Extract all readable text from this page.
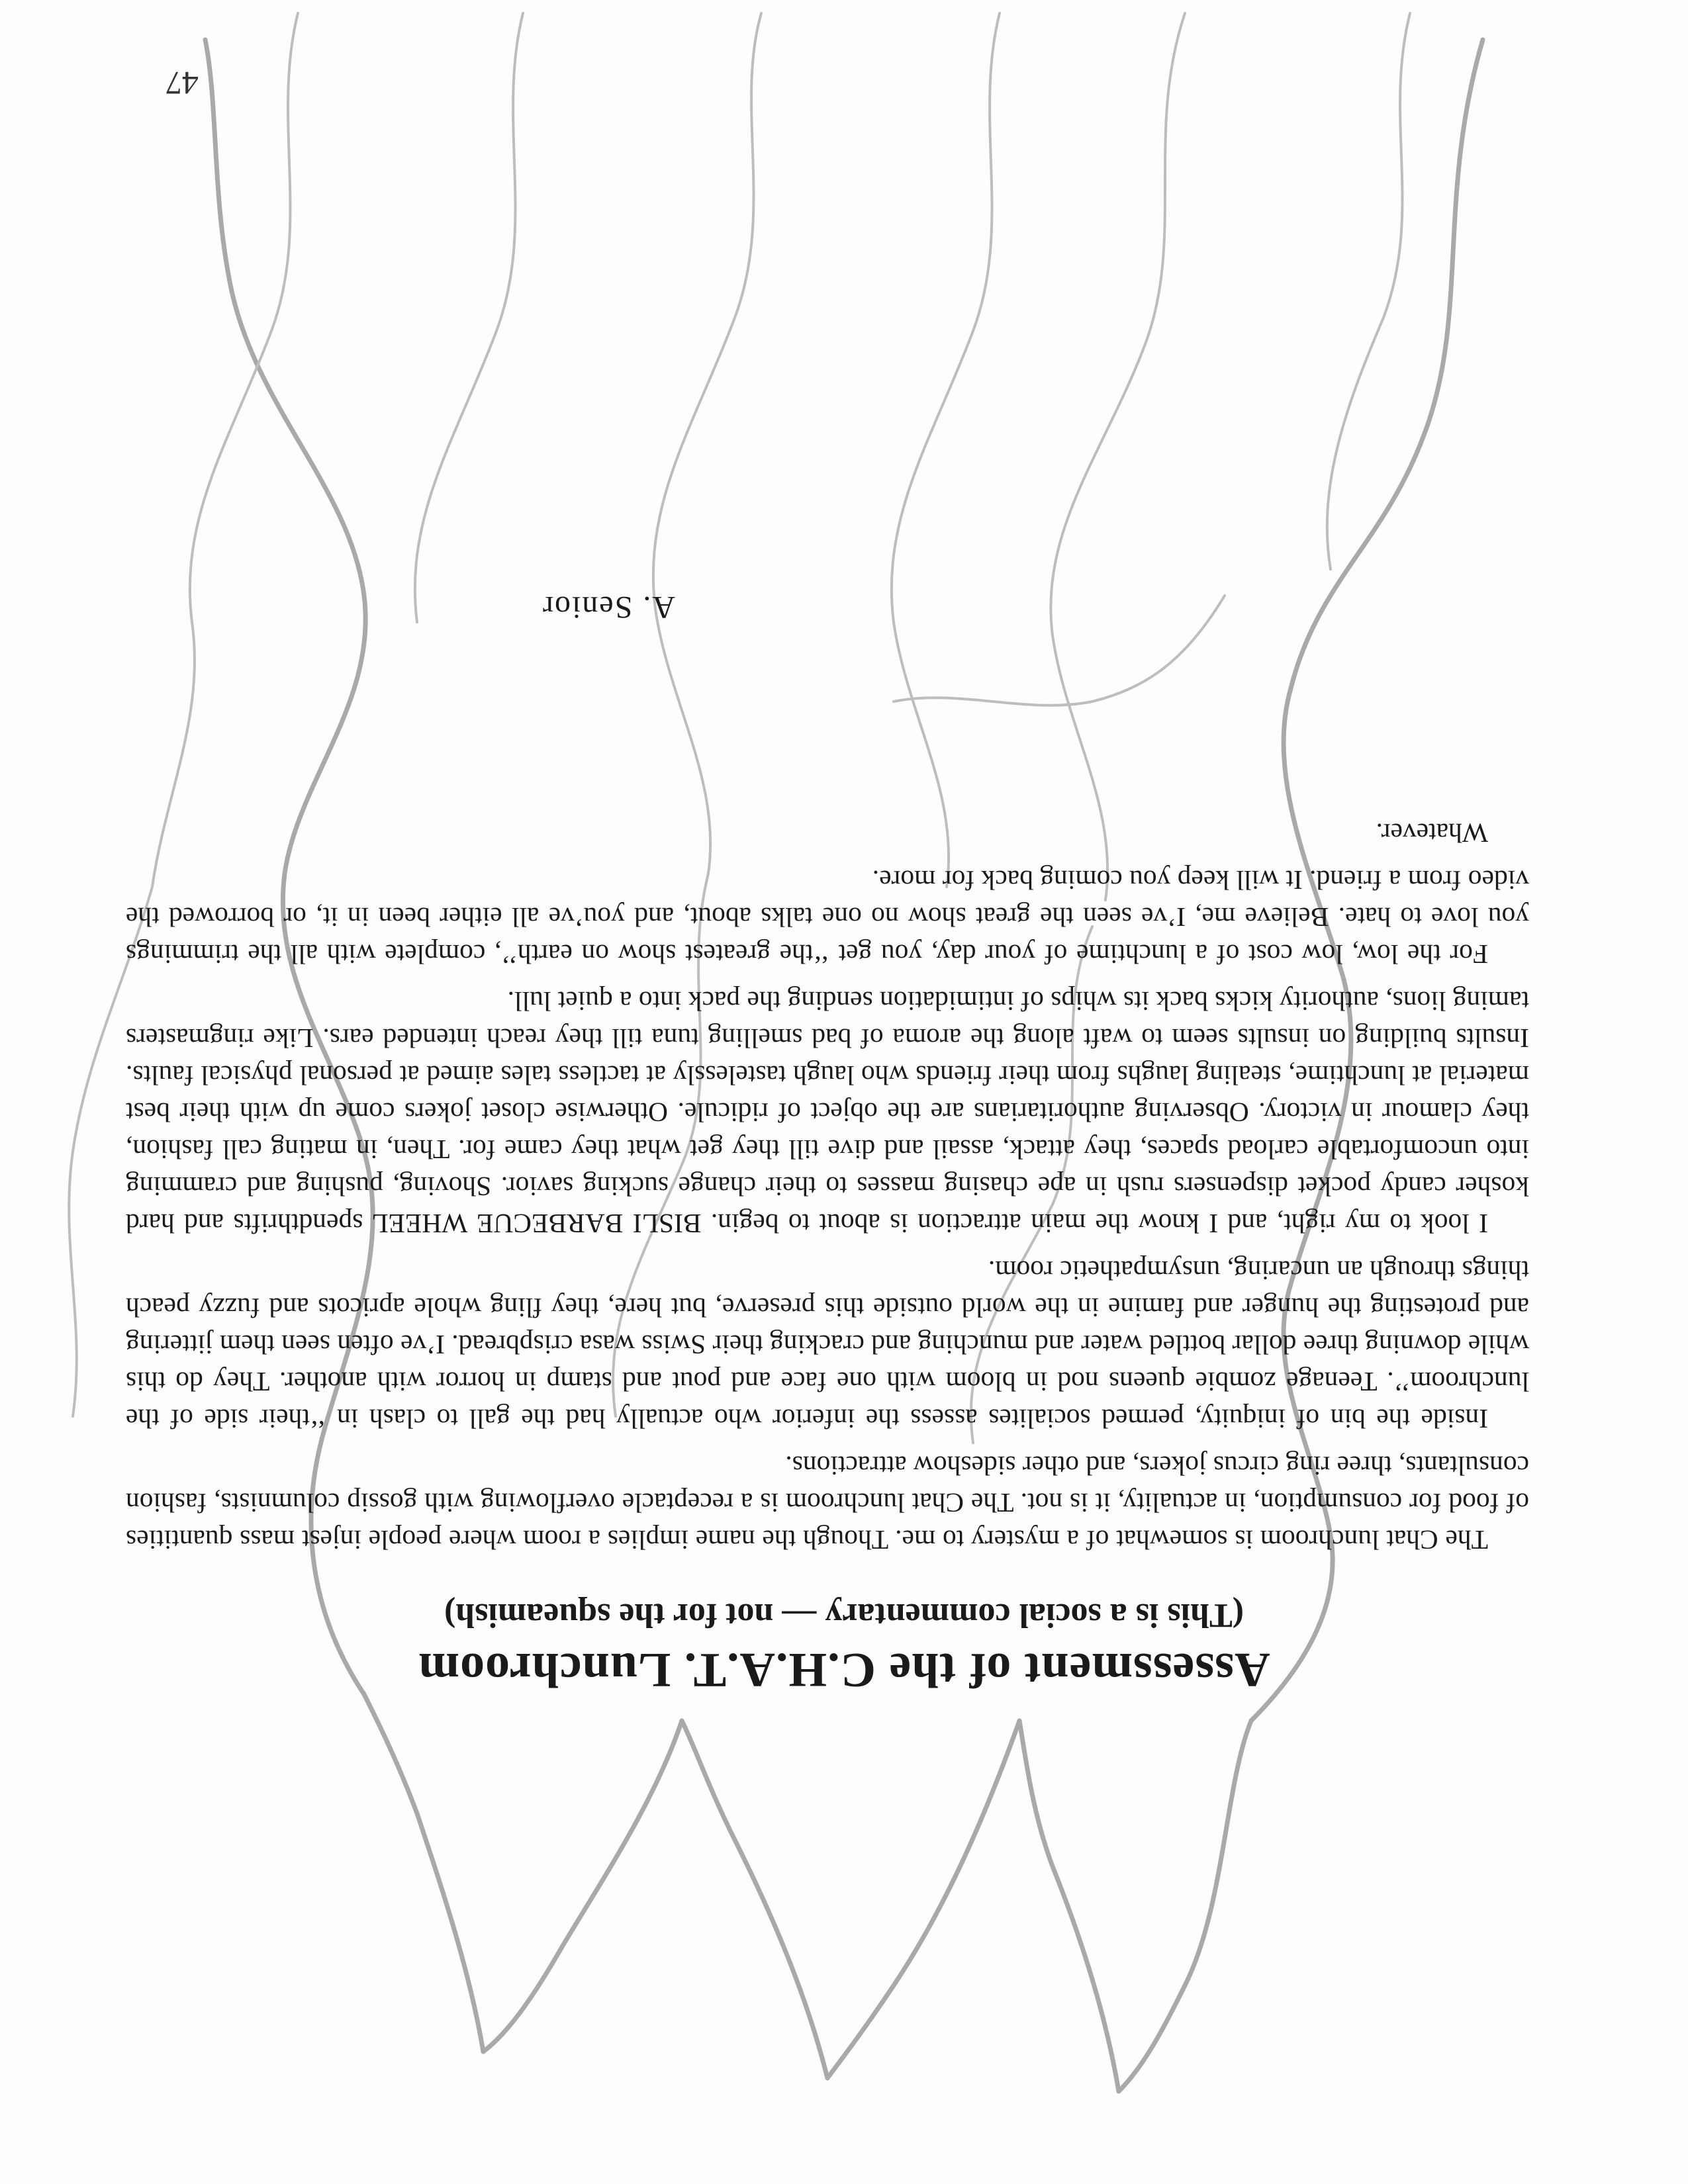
47
Assessment of the C.H.A.T. Lunchroom
(This is a social commentary — not for the squeamish)

The Chat lunchroom is somewhat of a mystery to me. Though the name implies a room where people injest mass quantities of food for consumption, in actuality, it is not. The Chat lunchroom is a receptacle overflowing with gossip columnists, fashion consultants, three ring circus jokers, and other sideshow attractions.

Inside the bin of iniquity, permed socialites assess the inferior who actually had the gall to clash in ‘‘their side of the lunchroom’’. Teenage zombie queens nod in bloom with one face and pout and stamp in horror with another. They do this while downing three dollar bottled water and munching and cracking their Swiss wasa crispbread. I’ve often seen them jittering and protesting the hunger and famine in the world outside this preserve, but here, they fling whole apricots and fuzzy peach things through an uncaring, unsympathetic room.

I look to my right, and I know the main attraction is about to begin. BISLI BARBECUE WHEEL spendthrifts and hard kosher candy pocket dispensers rush in ape chasing masses to their change sucking savior. Shoving, pushing and cramming into uncomfortable carload spaces, they attack, assail and dive till they get what they came for. Then, in mating call fashion, they clamour in victory. Observing authoritarians are the object of ridicule. Otherwise closet jokers come up with their best material at lunchtime, stealing laughs from their friends who laugh tastelessly at tactless tales aimed at personal physical faults. Insults building on insults seem to waft along the aroma of bad smelling tuna till they reach intended ears. Like ringmasters taming lions, authority kicks back its whips of intimidation sending the pack into a quiet lull.

For the low, low cost of a lunchtime of your day, you get ‘‘the greatest show on earth’’, complete with all the trimmings you love to hate. Believe me, I’ve seen the great show no one talks about, and you’ve all either been in it, or borrowed the video from a friend. It will keep you coming back for more.

Whatever.

A. Senior
